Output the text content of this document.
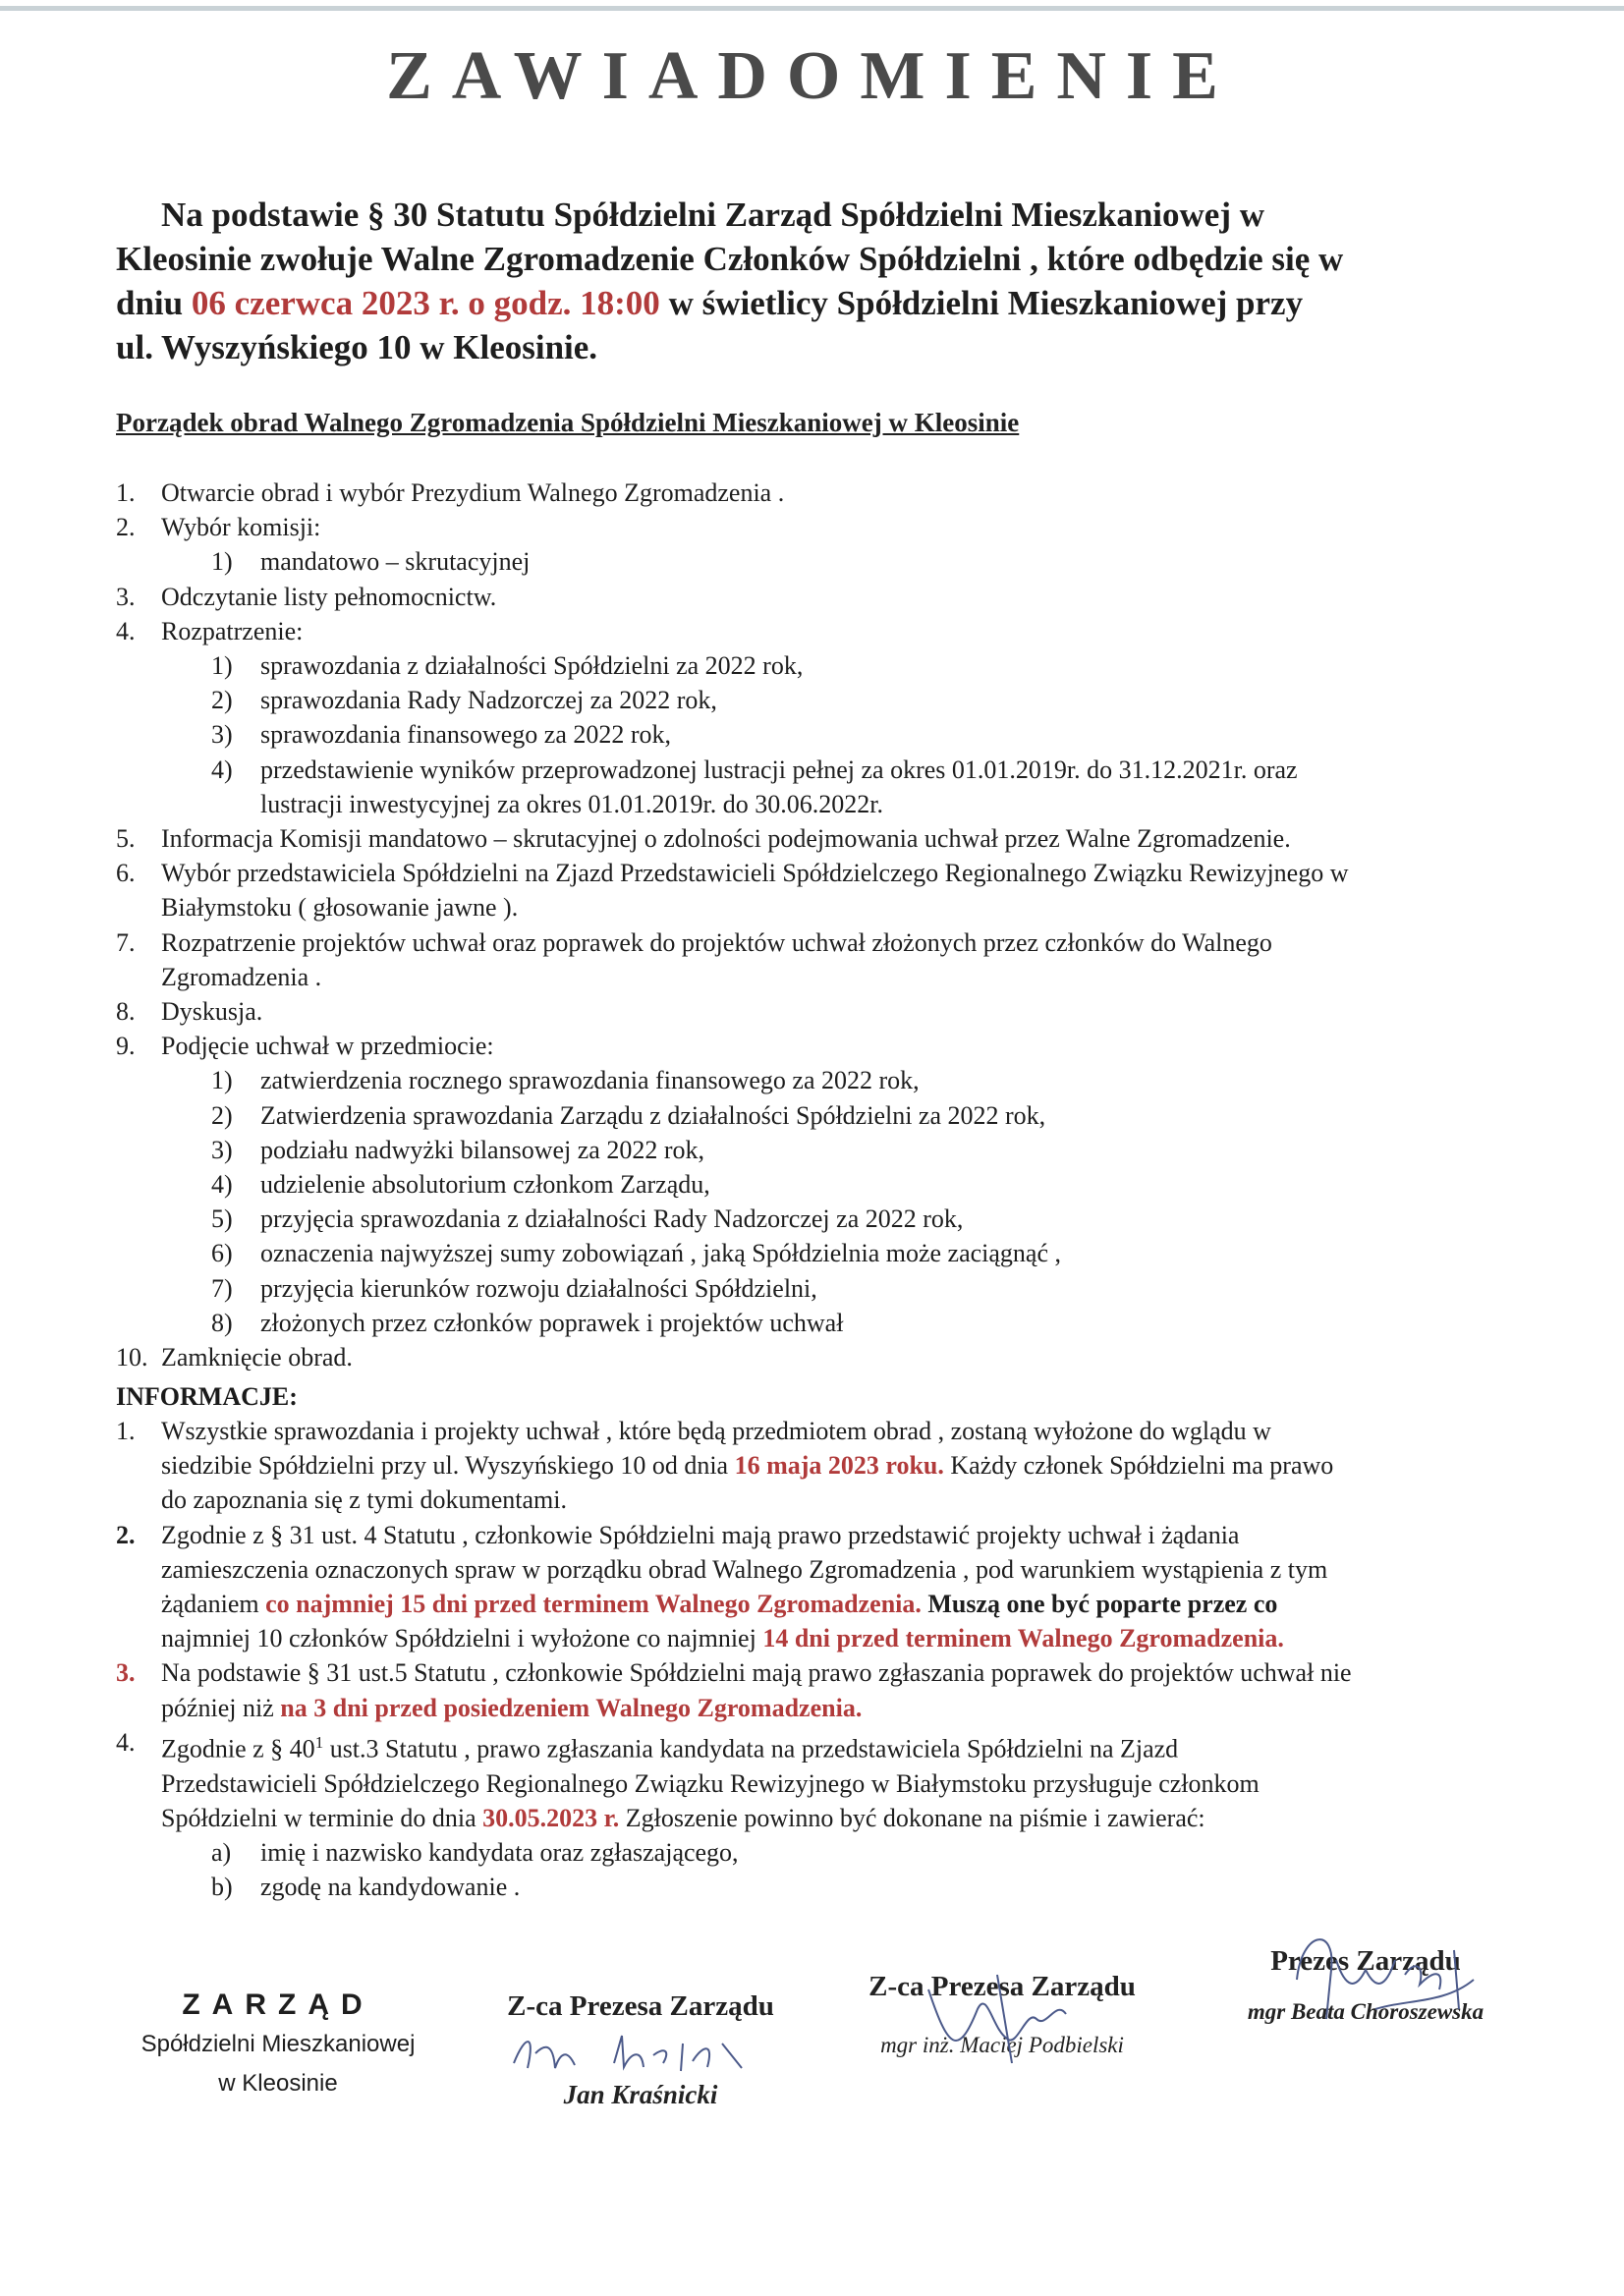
ZAWIADOMIENIE
Na podstawie § 30 Statutu Spółdzielni Zarząd Spółdzielni Mieszkaniowej w
Kleosinie zwołuje Walne Zgromadzenie Członków Spółdzielni , które odbędzie się w
dniu 06 czerwca 2023 r. o godz. 18:00 w świetlicy Spółdzielni Mieszkaniowej przy
ul. Wyszyńskiego 10 w Kleosinie.
Porządek obrad Walnego Zgromadzenia Spółdzielni Mieszkaniowej w Kleosinie
1. Otwarcie obrad i wybór Prezydium Walnego Zgromadzenia .
2. Wybór komisji:
1) mandatowo – skrutacyjnej
3. Odczytanie listy pełnomocnictw.
4. Rozpatrzenie:
1) sprawozdania z działalności Spółdzielni za 2022 rok,
2) sprawozdania Rady Nadzorczej za 2022 rok,
3) sprawozdania finansowego za 2022 rok,
4) przedstawienie wyników przeprowadzonej lustracji pełnej za okres 01.01.2019r. do 31.12.2021r. oraz
lustracji inwestycyjnej za okres 01.01.2019r. do 30.06.2022r.
5. Informacja Komisji mandatowo – skrutacyjnej o zdolności podejmowania uchwał przez Walne Zgromadzenie.
6. Wybór przedstawiciela Spółdzielni na Zjazd Przedstawicieli Spółdzielczego Regionalnego Związku Rewizyjnego w
Białymstoku ( głosowanie jawne ).
7. Rozpatrzenie projektów uchwał oraz poprawek do projektów uchwał złożonych przez członków do Walnego
Zgromadzenia .
8. Dyskusja.
9. Podjęcie uchwał w przedmiocie:
1) zatwierdzenia rocznego sprawozdania finansowego za 2022 rok,
2) Zatwierdzenia sprawozdania Zarządu z działalności Spółdzielni za 2022 rok,
3) podziału nadwyżki bilansowej za 2022 rok,
4) udzielenie absolutorium członkom Zarządu,
5) przyjęcia sprawozdania z działalności Rady Nadzorczej za 2022 rok,
6) oznaczenia najwyższej sumy zobowiązań , jaką Spółdzielnia może zaciągnąć ,
7) przyjęcia kierunków rozwoju działalności Spółdzielni,
8) złożonych przez członków poprawek i projektów uchwał
10. Zamknięcie obrad.
INFORMACJE:
1. Wszystkie sprawozdania i projekty uchwał , które będą przedmiotem obrad , zostaną wyłożone do wglądu w
siedzibie Spółdzielni przy ul. Wyszyńskiego 10 od dnia 16 maja 2023 roku. Każdy członek Spółdzielni ma prawo
do zapoznania się z tymi dokumentami.
2. Zgodnie z § 31 ust. 4 Statutu , członkowie Spółdzielni mają prawo przedstawić projekty uchwał i żądania
zamieszczenia oznaczonych spraw w porządku obrad Walnego Zgromadzenia , pod warunkiem wystąpienia z tym
żądaniem co najmniej 15 dni przed terminem Walnego Zgromadzenia. Muszą one być poparte przez co
najmniej 10 członków Spółdzielni i wyłożone co najmniej 14 dni przed terminem Walnego Zgromadzenia.
3. Na podstawie § 31 ust.5 Statutu , członkowie Spółdzielni mają prawo zgłaszania poprawek do projektów uchwał nie
później niż na 3 dni przed posiedzeniem Walnego Zgromadzenia.
4. Zgodnie z § $40^1$ ust.3 Statutu , prawo zgłaszania kandydata na przedstawiciela Spółdzielni na Zjazd
Przedstawicieli Spółdzielczego Regionalnego Związku Rewizyjnego w Białymstoku przysługuje członkom
Spółdzielni w terminie do dnia 30.05.2023 r. Zgłoszenie powinno być dokonane na piśmie i zawierać:
a) imię i nazwisko kandydata oraz zgłaszającego,
b) zgodę na kandydowanie .
ZARZĄD
Spółdzielni Mieszkaniowej
w Kleosinie
Z-ca Prezesa Zarządu
Jan Kraśnicki
Z-ca Prezesa Zarządu
mgr inż. Maciej Podbielski
Prezes Zarządu
mgr Beata Choroszewska
